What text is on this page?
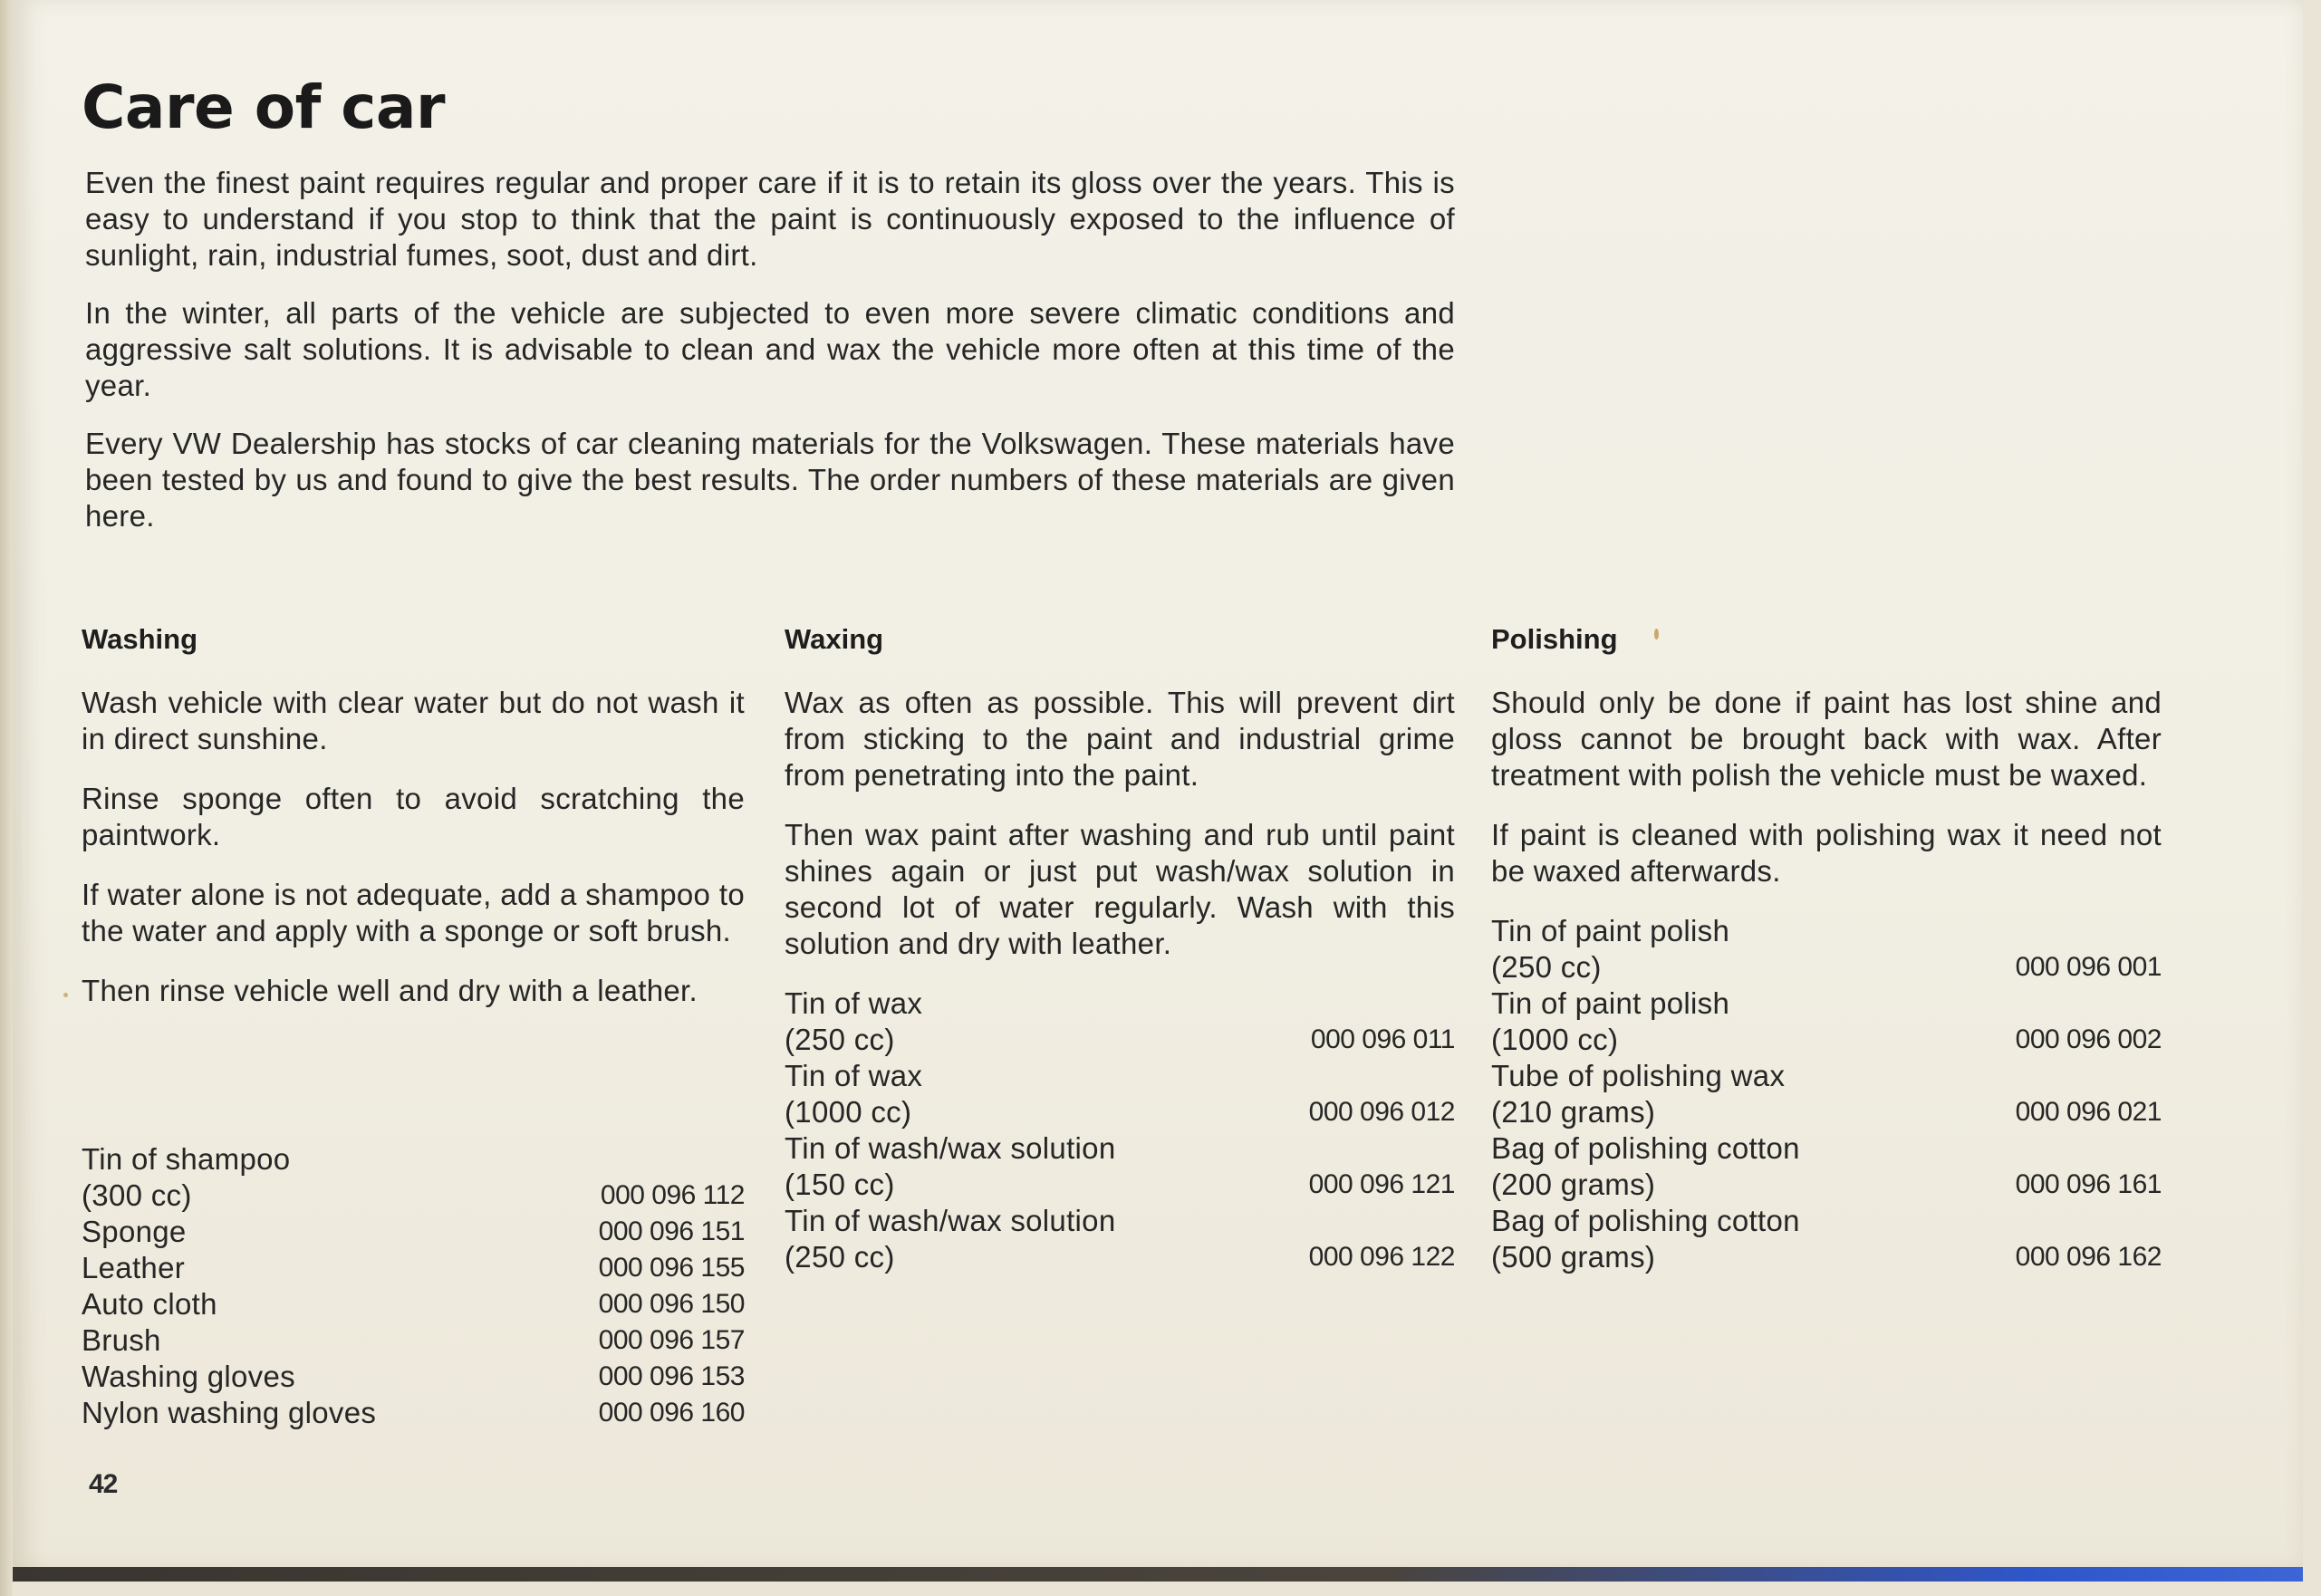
Care of car

Even the finest paint requires regular and proper care if it is to retain its gloss over the years. This is easy to understand if you stop to think that the paint is continuously exposed to the influence of sunlight, rain, industrial fumes, soot, dust and dirt.

In the winter, all parts of the vehicle are subjected to even more severe climatic conditions and aggressive salt solutions. It is advisable to clean and wax the vehicle more often at this time of the year.

Every VW Dealership has stocks of car cleaning materials for the Volkswagen. These materials have been tested by us and found to give the best results. The order numbers of these materials are given here.

Washing

Wash vehicle with clear water but do not wash it in direct sunshine.

Rinse sponge often to avoid scratching the paintwork.

If water alone is not adequate, add a shampoo to the water and apply with a sponge or soft brush.

Then rinse vehicle well and dry with a leather.

Tin of shampoo
(300 cc)	000 096 112
Sponge	000 096 151
Leather	000 096 155
Auto cloth	000 096 150
Brush	000 096 157
Washing gloves	000 096 153
Nylon washing gloves	000 096 160
Waxing

Wax as often as possible. This will prevent dirt from sticking to the paint and industrial grime from penetrating into the paint.

Then wax paint after washing and rub until paint shines again or just put wash/wax solution in second lot of water regularly. Wash with this solution and dry with leather.

Tin of wax
(250 cc)	000 096 011
Tin of wax
(1000 cc)	000 096 012
Tin of wash/wax solution
(150 cc)	000 096 121
Tin of wash/wax solution
(250 cc)	000 096 122
Polishing

Should only be done if paint has lost shine and gloss cannot be brought back with wax. After treatment with polish the vehicle must be waxed.

If paint is cleaned with polishing wax it need not be waxed afterwards.

Tin of paint polish
(250 cc)	000 096 001
Tin of paint polish
(1000 cc)	000 096 002
Tube of polishing wax
(210 grams)	000 096 021
Bag of polishing cotton
(200 grams)	000 096 161
Bag of polishing cotton
(500 grams)	000 096 162
42
